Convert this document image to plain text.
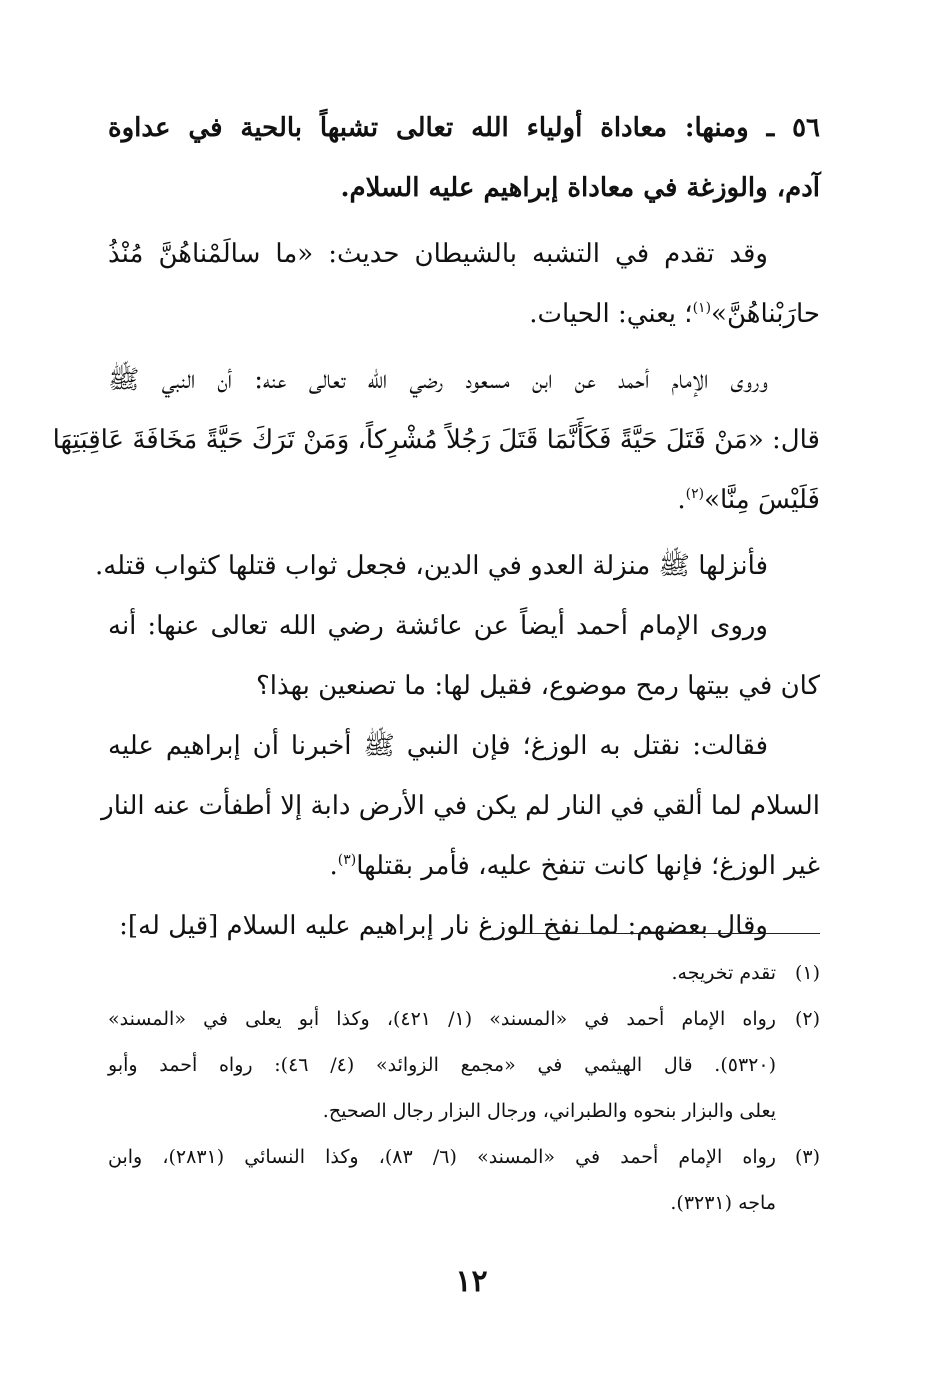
٥٦ ـ ومنها: معاداة أولياء الله تعالى تشبهاً بالحية في عداوة
آدم، والوزغة في معاداة إبراهيم عليه السلام.
وقد تقدم في التشبه بالشيطان حديث: «ما سالَمْناهُنَّ مُنْذُ
حارَبْناهُنَّ»$^{(١)}$؛ يعني: الحيات.
وروى الإمام أحمد عن ابن مسعود رضي الله تعالى عنه: أن النبي ﷺ
قال: «مَنْ قَتَلَ حَيَّةً فَكَأَنَّمَا قَتَلَ رَجُلاً مُشْرِكاً، وَمَنْ تَرَكَ حَيَّةً مَخَافَةَ عَاقِبَتِهَا
فَلَيْسَ مِنَّا»$^{(٢)}$.
فأنزلها ﷺ منزلة العدو في الدين، فجعل ثواب قتلها كثواب قتله.
وروى الإمام أحمد أيضاً عن عائشة رضي الله تعالى عنها: أنه
كان في بيتها رمح موضوع، فقيل لها: ما تصنعين بهذا؟
فقالت: نقتل به الوزغ؛ فإن النبي ﷺ أخبرنا أن إبراهيم عليه
السلام لما ألقي في النار لم يكن في الأرض دابة إلا أطفأت عنه النار
غير الوزغ؛ فإنها كانت تنفخ عليه، فأمر بقتلها$^{(٣)}$.
وقال بعضهم: لما نفخ الوزغ نار إبراهيم عليه السلام [قيل له]:
(١)
تقدم تخريجه.
(٢)
رواه الإمام أحمد في «المسند» (١/ ٤٢١)، وكذا أبو يعلى في «المسند»
(٥٣٢٠). قال الهيثمي في «مجمع الزوائد» (٤/ ٤٦): رواه أحمد وأبو
يعلى والبزار بنحوه والطبراني، ورجال البزار رجال الصحيح.
(٣)
رواه الإمام أحمد في «المسند» (٦/ ٨٣)، وكذا النسائي (٢٨٣١)، وابن
ماجه (٣٢٣١).
١٢
